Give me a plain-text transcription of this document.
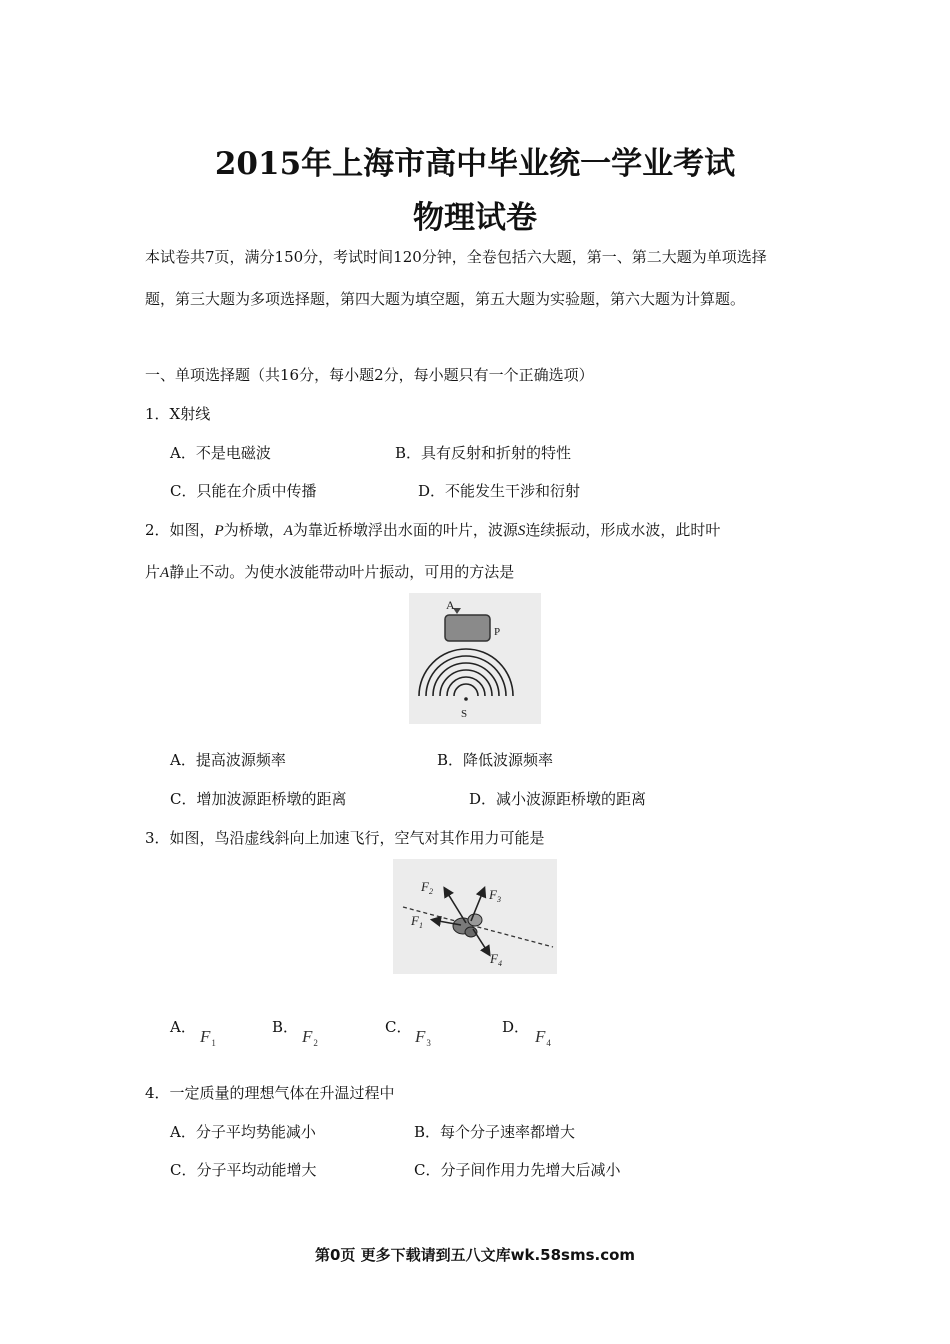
2015年上海市高中毕业统一学业考试
物理试卷
本试卷共7页，满分150分，考试时间120分钟，全卷包括六大题，第一、第二大题为单项选择
题，第三大题为多项选择题，第四大题为填空题，第五大题为实验题，第六大题为计算题。
一、单项选择题（共16分，每小题2分，每小题只有一个正确选项）
1．X射线
A．不是电磁波	B．具有反射和折射的特性
C．只能在介质中传播	D．不能发生干涉和衍射
2．如图，P为桥墩，A为靠近桥墩浮出水面的叶片，波源S连续振动，形成水波，此时叶
片A静止不动。为使水波能带动叶片振动，可用的方法是
A
P
S
A．提高波源频率	B．降低波源频率
C．增加波源距桥墩的距离	D．减小波源距桥墩的距离
3．如图，鸟沿虚线斜向上加速飞行，空气对其作用力可能是
$F_2$	$F_3$
$F_1$
$F_4$
A． $F_1$
B． $F_2$
C． $F_3$
D． $F_4$
4．一定质量的理想气体在升温过程中
A．分子平均势能减小	B．每个分子速率都增大
C．分子平均动能增大	C．分子间作用力先增大后减小
第0页 更多下载请到五八文库wk.58sms.com
